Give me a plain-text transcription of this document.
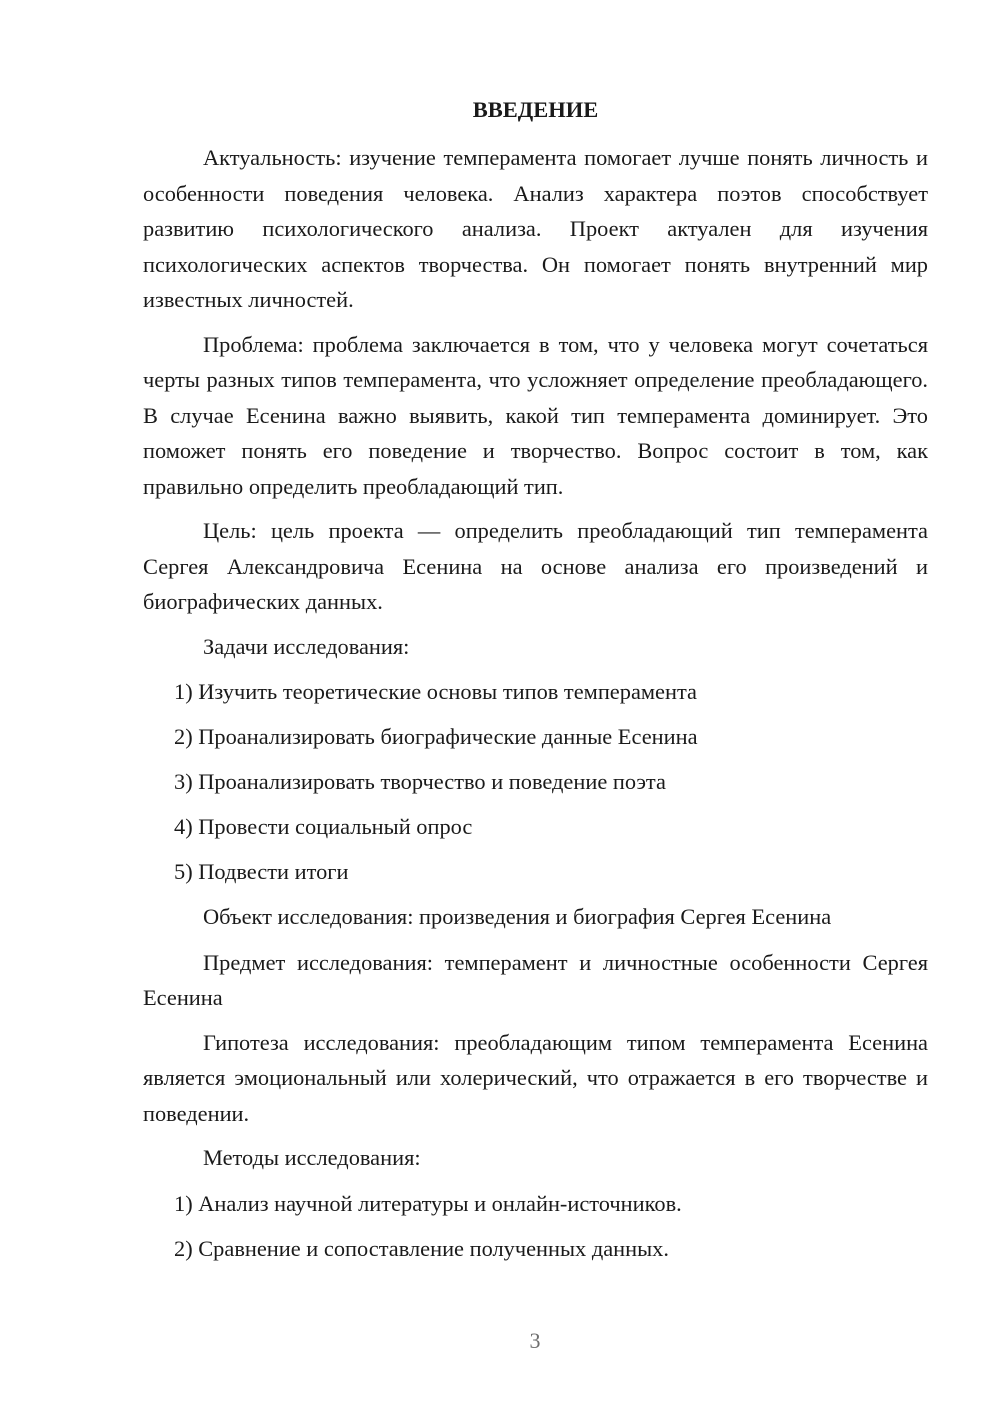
ВВЕДЕНИЕ

Актуальность: изучение темперамента помогает лучше понять личность и особенности поведения человека. Анализ характера поэтов способствует развитию психологического анализа. Проект актуален для изучения психологических аспектов творчества. Он помогает понять внутренний мир известных личностей.

Проблема: проблема заключается в том, что у человека могут сочетаться черты разных типов темперамента, что усложняет определение преобладающего. В случае Есенина важно выявить, какой тип темперамента доминирует. Это поможет понять его поведение и творчество. Вопрос состоит в том, как правильно определить преобладающий тип.

Цель: цель проекта — определить преобладающий тип темперамента Сергея Александровича Есенина на основе анализа его произведений и биографических данных.

Задачи исследования:

1) Изучить теоретические основы типов темперамента
2) Проанализировать биографические данные Есенина
3) Проанализировать творчество и поведение поэта
4) Провести социальный опрос
5) Подвести итоги

Объект исследования: произведения и биография Сергея Есенина

Предмет исследования: темперамент и личностные особенности Сергея Есенина

Гипотеза исследования: преобладающим типом темперамента Есенина является эмоциональный или холерический, что отражается в его творчестве и поведении.

Методы исследования:

1) Анализ научной литературы и онлайн-источников.
2) Сравнение и сопоставление полученных данных.
3
